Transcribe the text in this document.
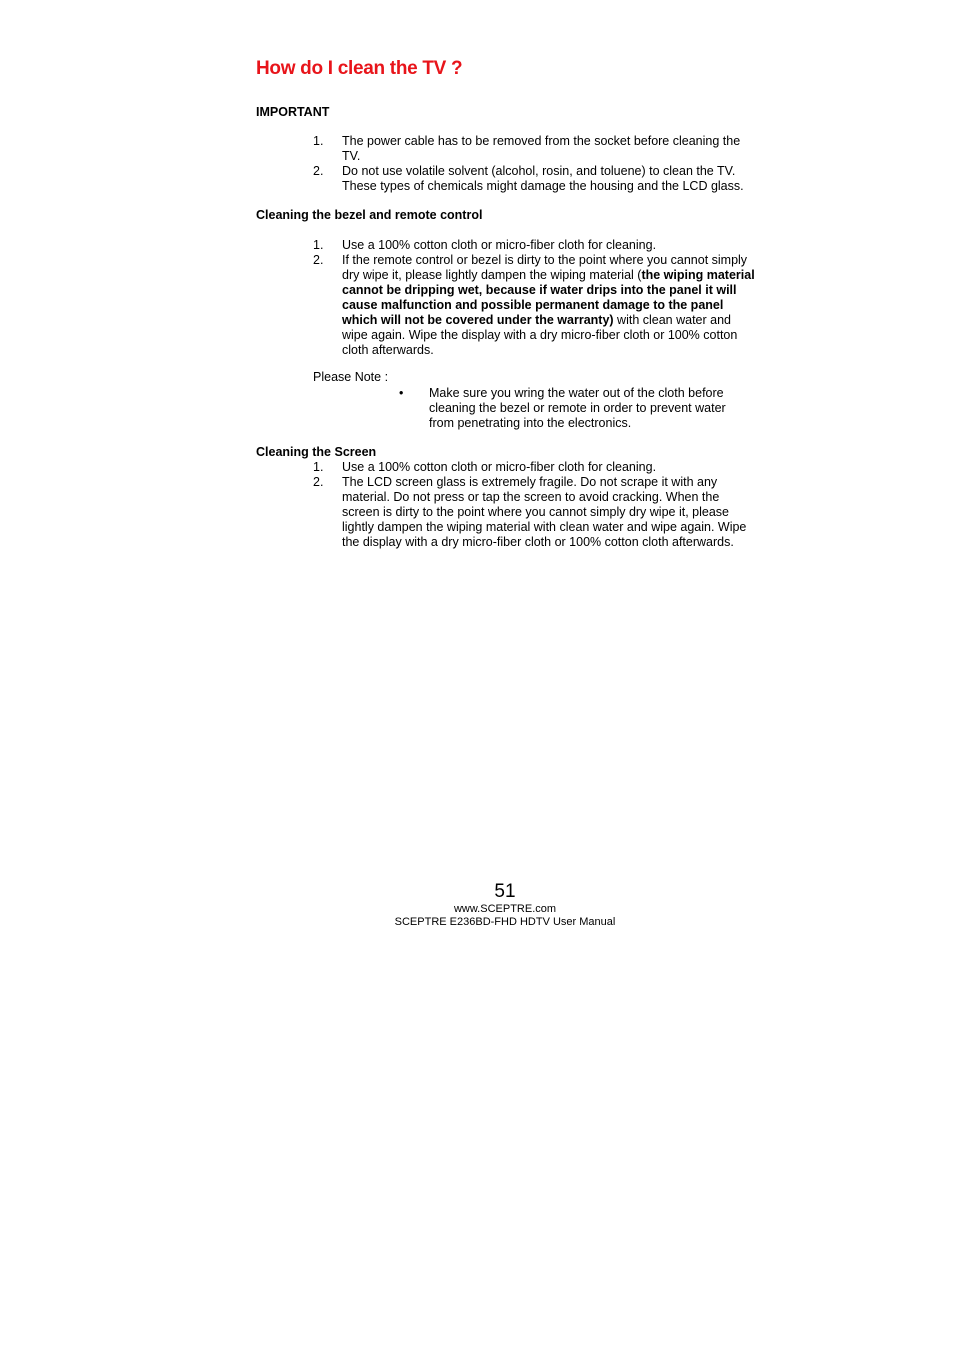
How do I clean the TV ?
IMPORTANT
1. The power cable has to be removed from the socket before cleaning the TV.
2. Do not use volatile solvent (alcohol, rosin, and toluene) to clean the TV. These types of chemicals might damage the housing and the LCD glass.
Cleaning the bezel and remote control
1. Use a 100% cotton cloth or micro-fiber cloth for cleaning.
2. If the remote control or bezel is dirty to the point where you cannot simply dry wipe it, please lightly dampen the wiping material (the wiping material cannot be dripping wet, because if water drips into the panel it will cause malfunction and possible permanent damage to the panel which will not be covered under the warranty) with clean water and wipe again. Wipe the display with a dry micro-fiber cloth or 100% cotton cloth afterwards.
Please Note :
• Make sure you wring the water out of the cloth before cleaning the bezel or remote in order to prevent water from penetrating into the electronics.
Cleaning the Screen
1. Use a 100% cotton cloth or micro-fiber cloth for cleaning.
2. The LCD screen glass is extremely fragile. Do not scrape it with any material. Do not press or tap the screen to avoid cracking. When the screen is dirty to the point where you cannot simply dry wipe it, please lightly dampen the wiping material with clean water and wipe again. Wipe the display with a dry micro-fiber cloth or 100% cotton cloth afterwards.
51
www.SCEPTRE.com
SCEPTRE E236BD-FHD HDTV User Manual
